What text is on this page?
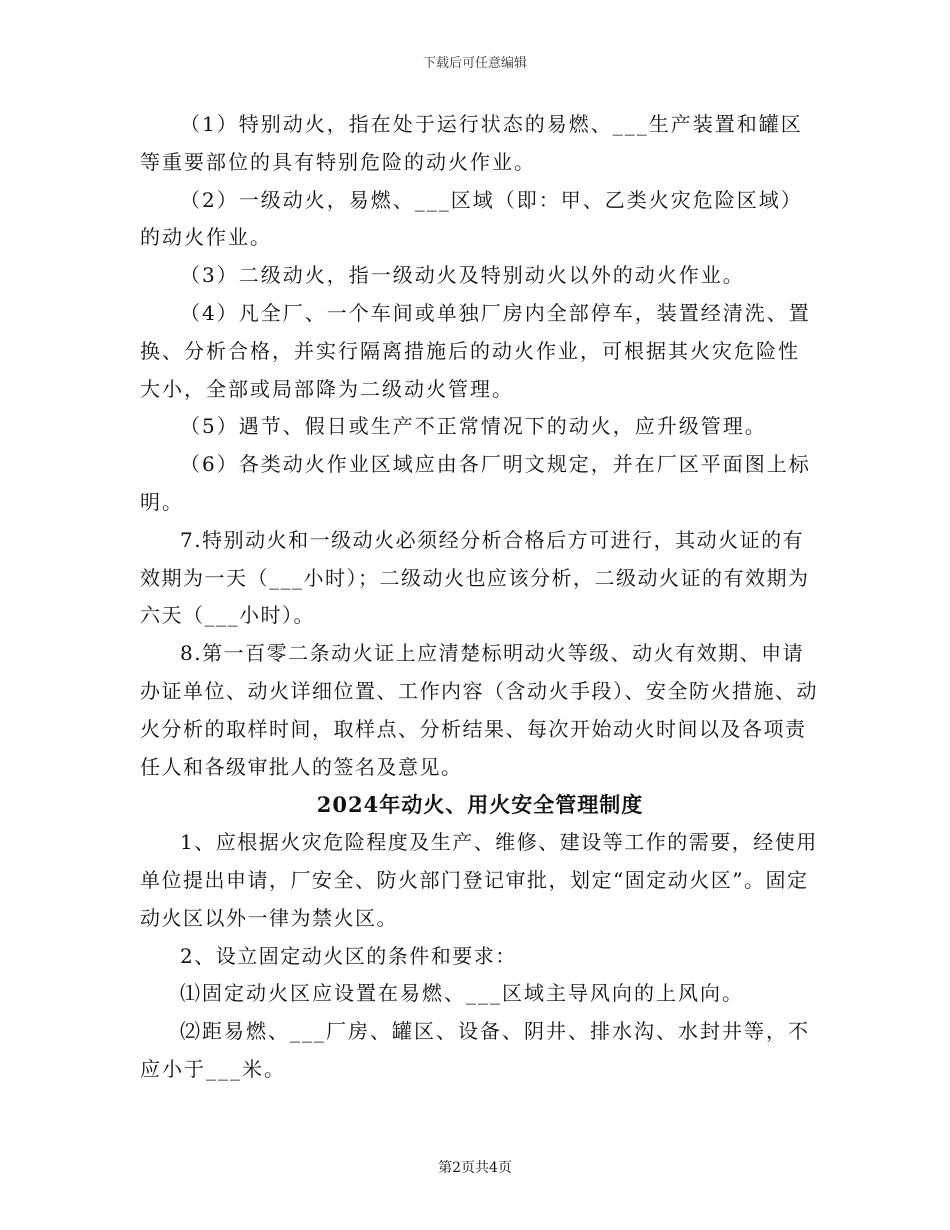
下载后可任意编辑

（1）特别动火，指在处于运行状态的易燃、___生产装置和罐区等重要部位的具有特别危险的动火作业。

（2）一级动火，易燃、___区域（即：甲、乙类火灾危险区域）的动火作业。

（3）二级动火，指一级动火及特别动火以外的动火作业。

（4）凡全厂、一个车间或单独厂房内全部停车，装置经清洗、置换、分析合格，并实行隔离措施后的动火作业，可根据其火灾危险性大小，全部或局部降为二级动火管理。

（5）遇节、假日或生产不正常情况下的动火，应升级管理。

（6）各类动火作业区域应由各厂明文规定，并在厂区平面图上标明。

7.特别动火和一级动火必须经分析合格后方可进行，其动火证的有效期为一天（___小时）；二级动火也应该分析，二级动火证的有效期为六天（___小时）。

8.第一百零二条动火证上应清楚标明动火等级、动火有效期、申请办证单位、动火详细位置、工作内容（含动火手段）、安全防火措施、动火分析的取样时间，取样点、分析结果、每次开始动火时间以及各项责任人和各级审批人的签名及意见。

2024年动火、用火安全管理制度

1、应根据火灾危险程度及生产、维修、建设等工作的需要，经使用单位提出申请，厂安全、防火部门登记审批，划定“固定动火区”。固定动火区以外一律为禁火区。

2、设立固定动火区的条件和要求：

⑴固定动火区应设置在易燃、___区域主导风向的上风向。

⑵距易燃、___厂房、罐区、设备、阴井、排水沟、水封井等，不应小于___米。

第2页共4页
